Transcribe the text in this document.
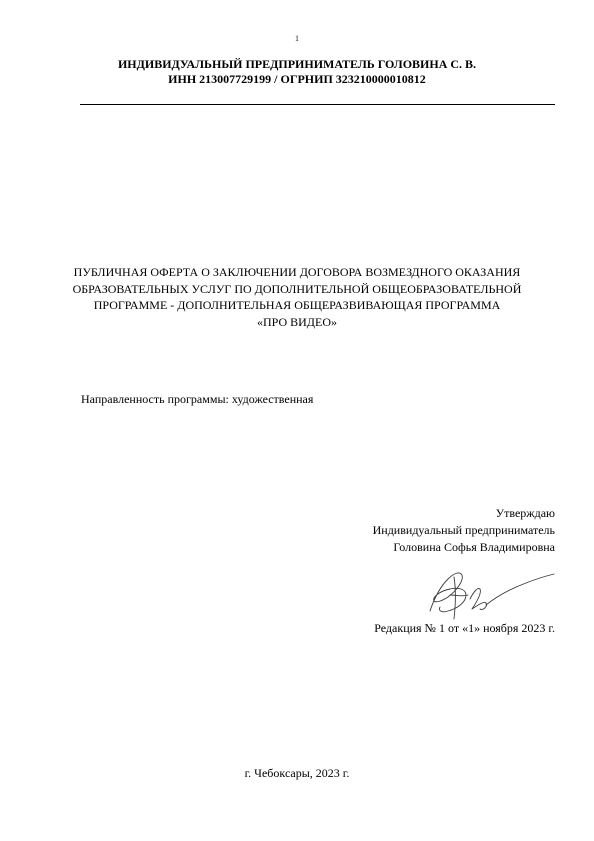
1
ИНДИВИДУАЛЬНЫЙ ПРЕДПРИНИМАТЕЛЬ ГОЛОВИНА С. В.
ИНН 213007729199 / ОГРНИП 323210000010812
ПУБЛИЧНАЯ ОФЕРТА О ЗАКЛЮЧЕНИИ ДОГОВОРА ВОЗМЕЗДНОГО ОКАЗАНИЯ
ОБРАЗОВАТЕЛЬНЫХ УСЛУГ ПО ДОПОЛНИТЕЛЬНОЙ ОБЩЕОБРАЗОВАТЕЛЬНОЙ
ПРОГРАММЕ - ДОПОЛНИТЕЛЬНАЯ ОБЩЕРАЗВИВАЮЩАЯ ПРОГРАММА
«ПРО ВИДЕО»
Направленность программы: художественная
Утверждаю
Индивидуальный предприниматель
Головина Софья Владимировна
Редакция № 1 от «1» ноября 2023 г.
г. Чебоксары, 2023 г.
